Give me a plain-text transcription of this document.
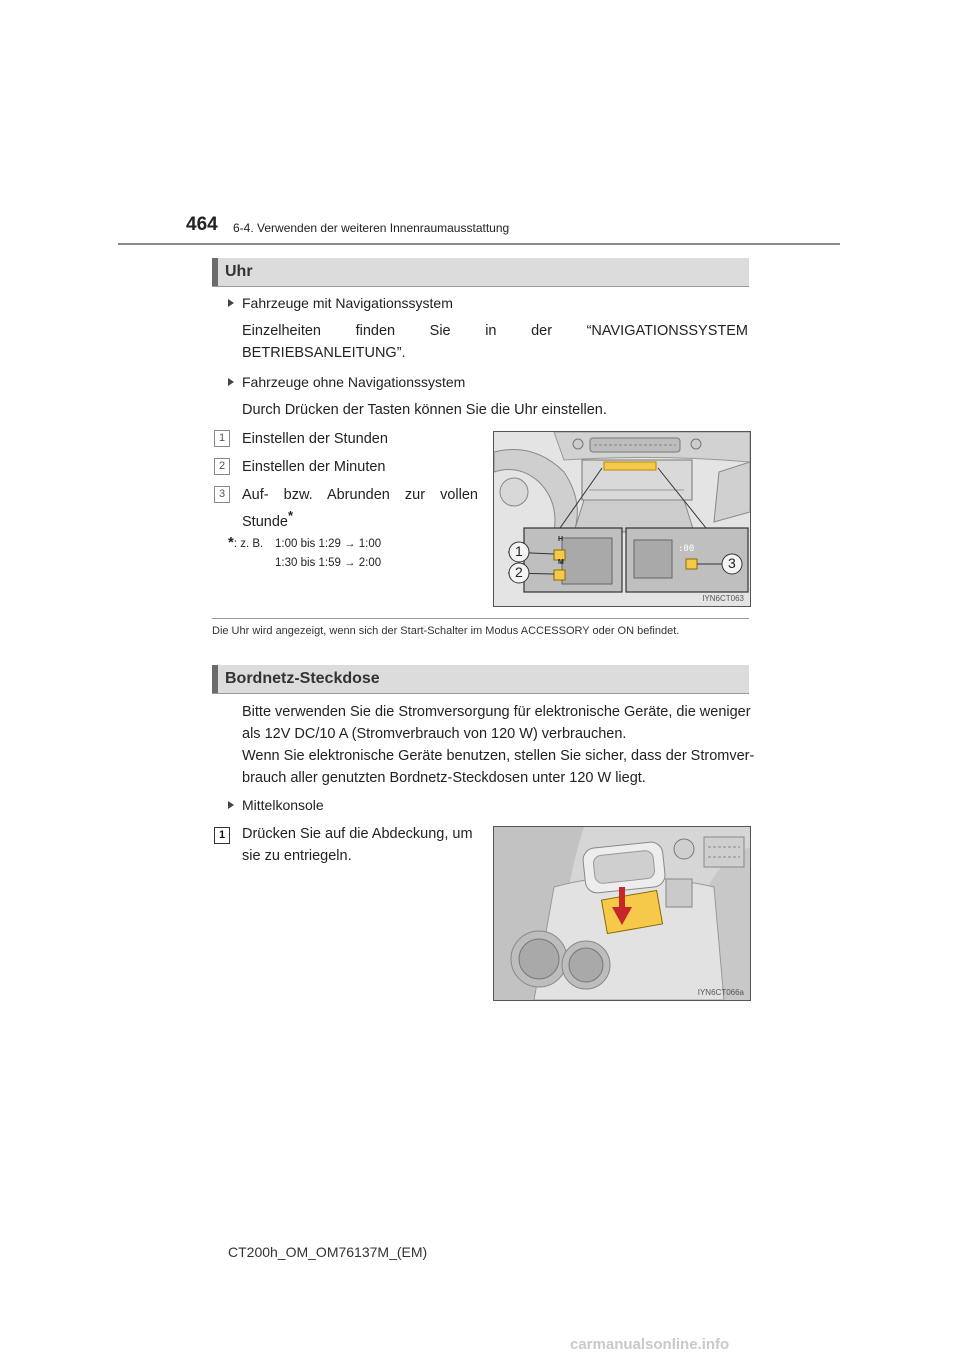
464 6-4. Verwenden der weiteren Innenraumausstattung
Uhr
Fahrzeuge mit Navigationssystem
Einzelheiten finden Sie in der “NAVIGATIONSSYSTEM
BETRIEBSANLEITUNG”.
Fahrzeuge ohne Navigationssystem
Durch Drücken der Tasten können Sie die Uhr einstellen.
1	Einstellen der Stunden
2	Einstellen der Minuten
3	Auf- bzw. Abrunden zur vollen
Stunde*
*: z. B. 1:00 bis 1:29 → 1:00
1:30 bis 1:59 → 2:00
H
M
:00
1
2
3
IYN6CT063
Die Uhr wird angezeigt, wenn sich der Start-Schalter im Modus ACCESSORY oder ON befindet.
Bordnetz-Steckdose
Bitte verwenden Sie die Stromversorgung für elektronische Geräte, die weniger
als 12V DC/10 A (Stromverbrauch von 120 W) verbrauchen.
Wenn Sie elektronische Geräte benutzen, stellen Sie sicher, dass der Stromver-
brauch aller genutzten Bordnetz-Steckdosen unter 120 W liegt.
Mittelkonsole
1	Drücken Sie auf die Abdeckung, um
sie zu entriegeln.
IYN6CT066a
CT200h_OM_OM76137M_(EM)
carmanualsonline.info
